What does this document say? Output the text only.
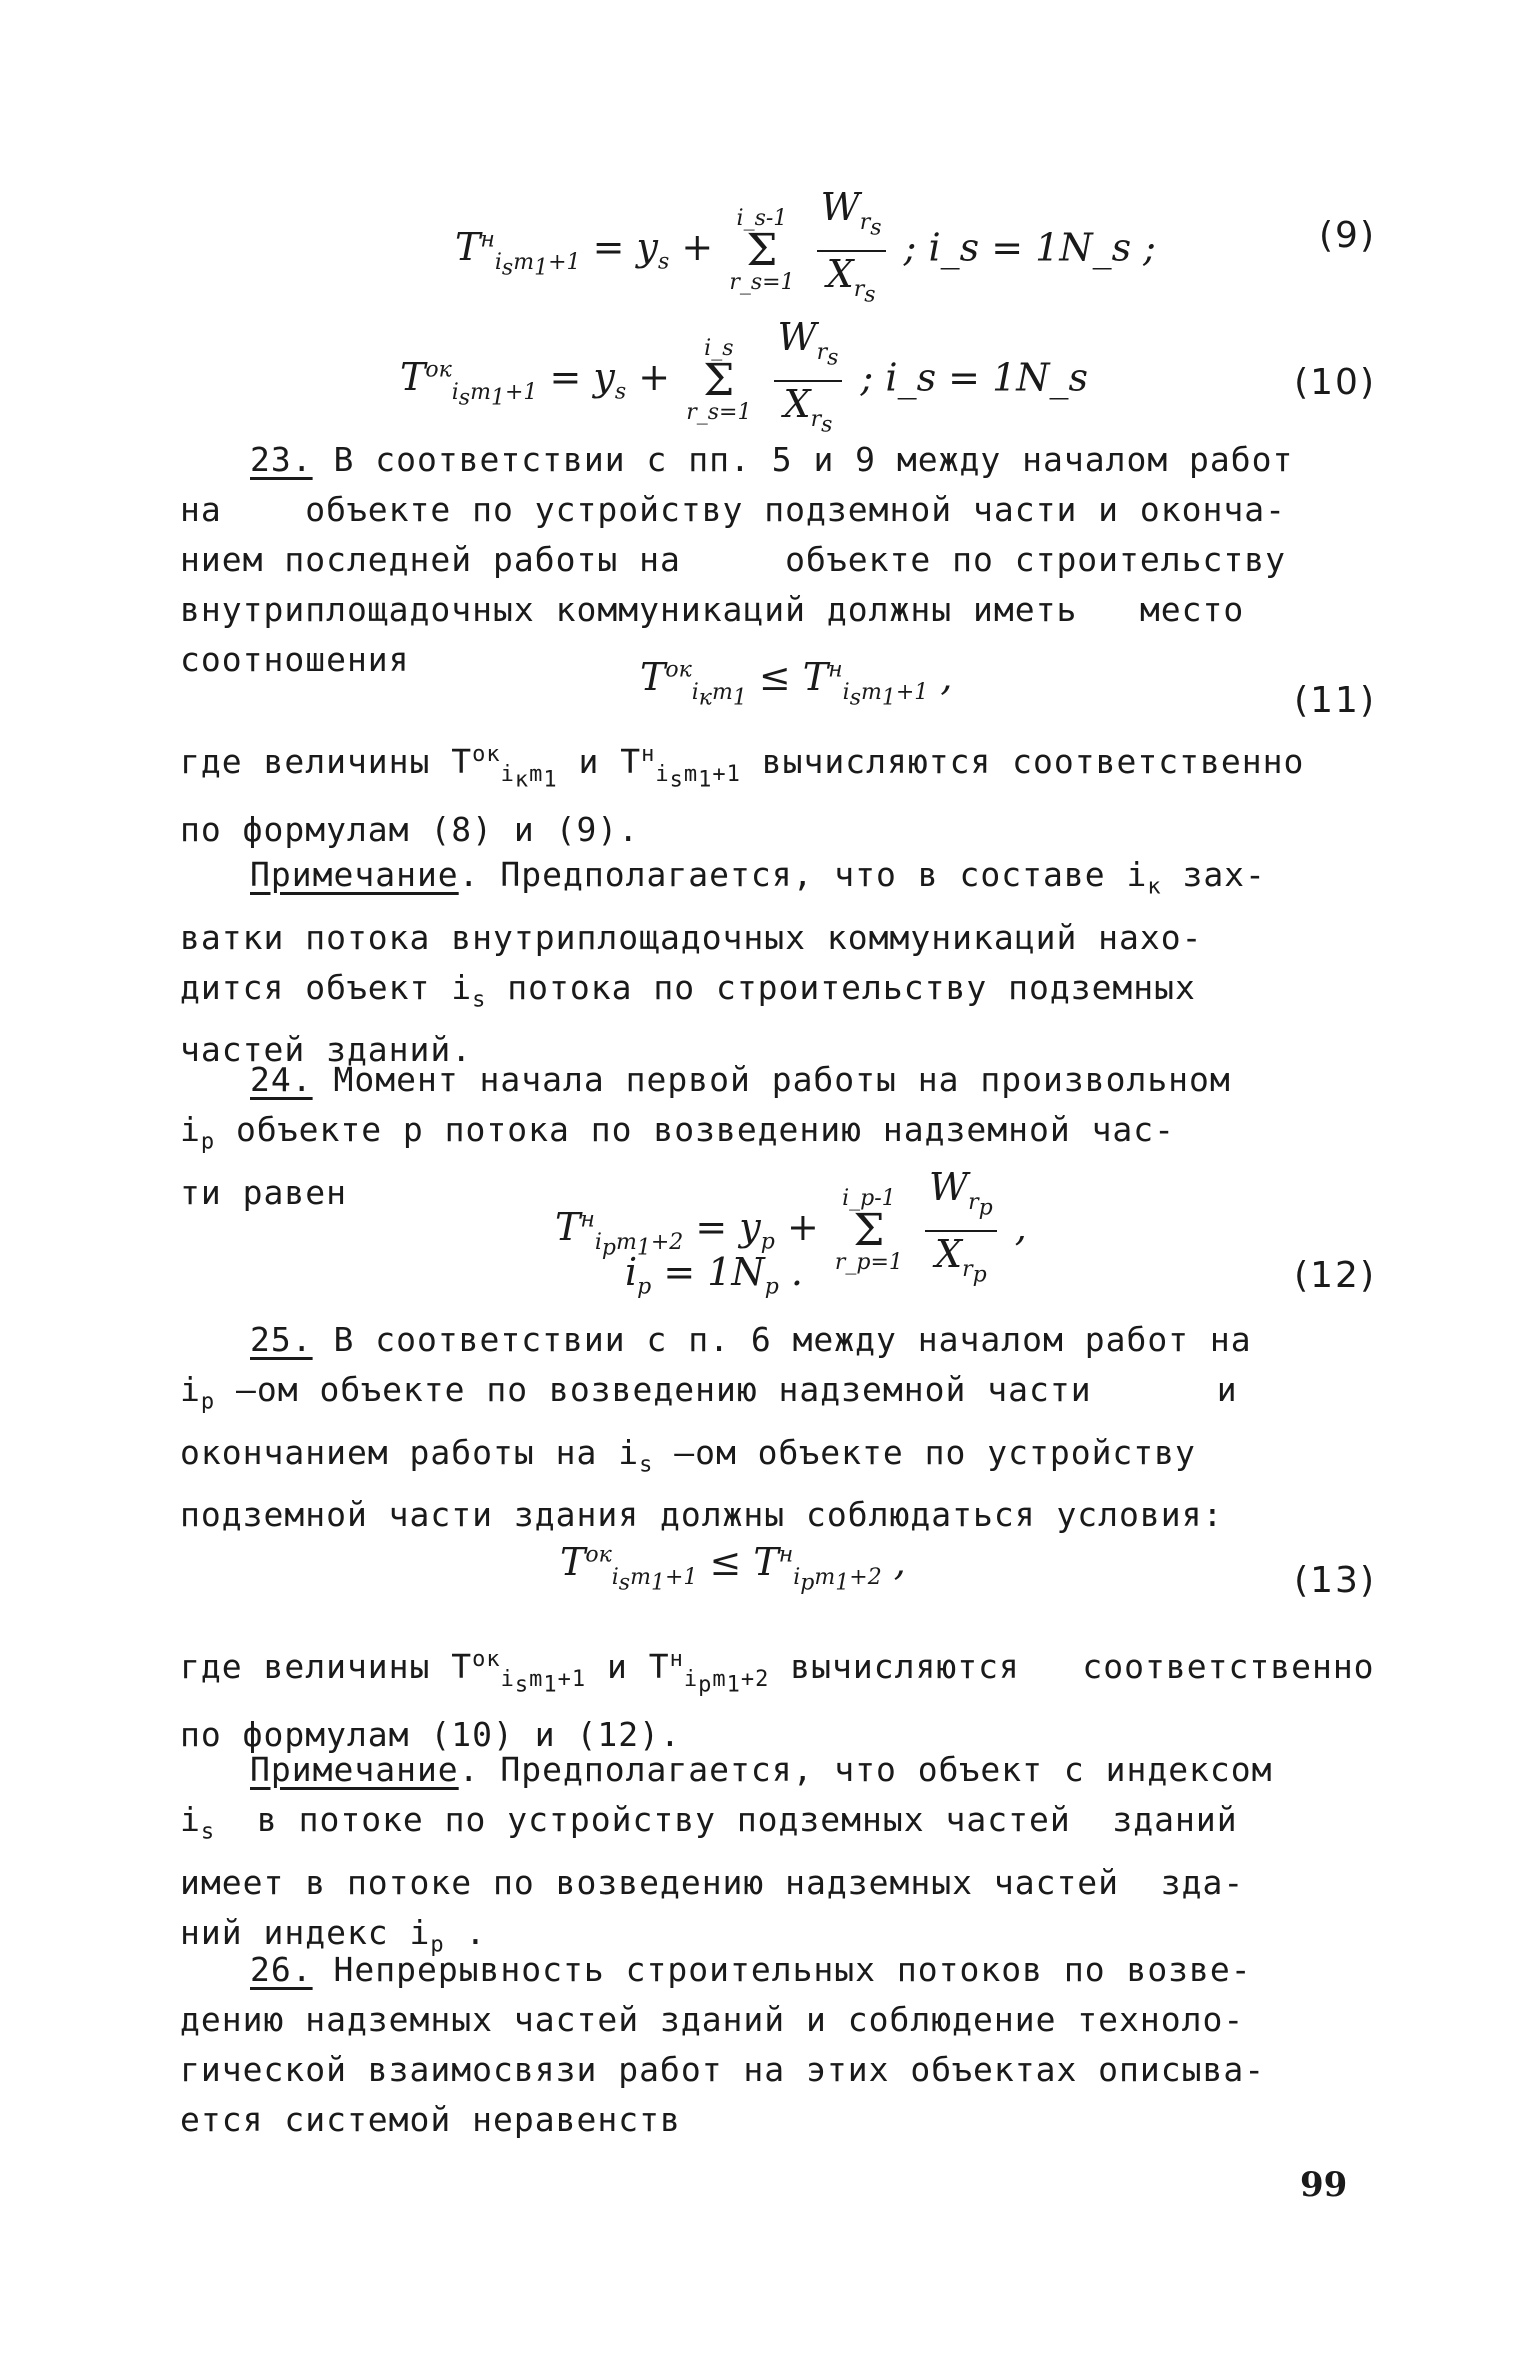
$T^н_{i_sm_1+1} = y_s$ +
i_s-1
Σ
r_s=1
$\frac{W_{r_s}}{X_{r_s}}$ ; i_s = 1N_s ;	(9)
$T^{ок}_{i_sm_1+1} = y_s$ +
i_s
Σ
r_s=1
$\frac{W_{r_s}}{X_{r_s}}$ ; i_s = 1N_s	(10)

23. В соответствии с пп. 5 и 9 между началом работ

на    объекте по устройству подземной части и оконча-

нием последней работы на     объекте по строительству

внутриплощадочных коммуникаций должны иметь   место

соотношения	$T^{ок}_{i_кm_1} \le T^н_{i_sm_1+1}$ ,
(11)

где величины $T^{ок}_{i_кm_1}$ и $T^н_{i_sm_1+1}$ вычисляются соответственно

по формулам (8) и (9).

Примечание. Предполагается, что в составе $i_к$ зах-

ватки потока внутриплощадочных коммуникаций нахо-

дится объект $i_s$ потока по строительству подземных

частей зданий.

24. Момент начала первой работы на произвольном

$i_p$ объекте p потока по возведению надземной час-

ти равен

$T^н_{i_pm_1+2} = y_p$ +
i_p-1
Σ
r_p=1
$\frac{W_{r_p}}{X_{r_p}}$ ,
$i_p = 1N_p$ .	(12)

25. В соответствии с п. 6 между началом работ на

$i_p$ –ом объекте по возведению надземной части      и

окончанием работы на $i_s$ –ом объекте по устройству

подземной части здания должны соблюдаться условия:

$T^{ок}_{i_sm_1+1} \le T^н_{i_pm_1+2}$ ,	(13)

где величины $T^{ок}_{i_sm_1+1}$ и $T^н_{i_pm_1+2}$ вычисляются   соответственно

по формулам (10) и (12).

Примечание. Предполагается, что объект с индексом

$i_s$  в потоке по устройству подземных частей  зданий

имеет в потоке по возведению надземных частей  зда-

ний индекс $i_p$ .

26. Непрерывность строительных потоков по возве-

дению надземных частей зданий и соблюдение техноло-

гической взаимосвязи работ на этих объектах описыва-

ется системой неравенств

99
